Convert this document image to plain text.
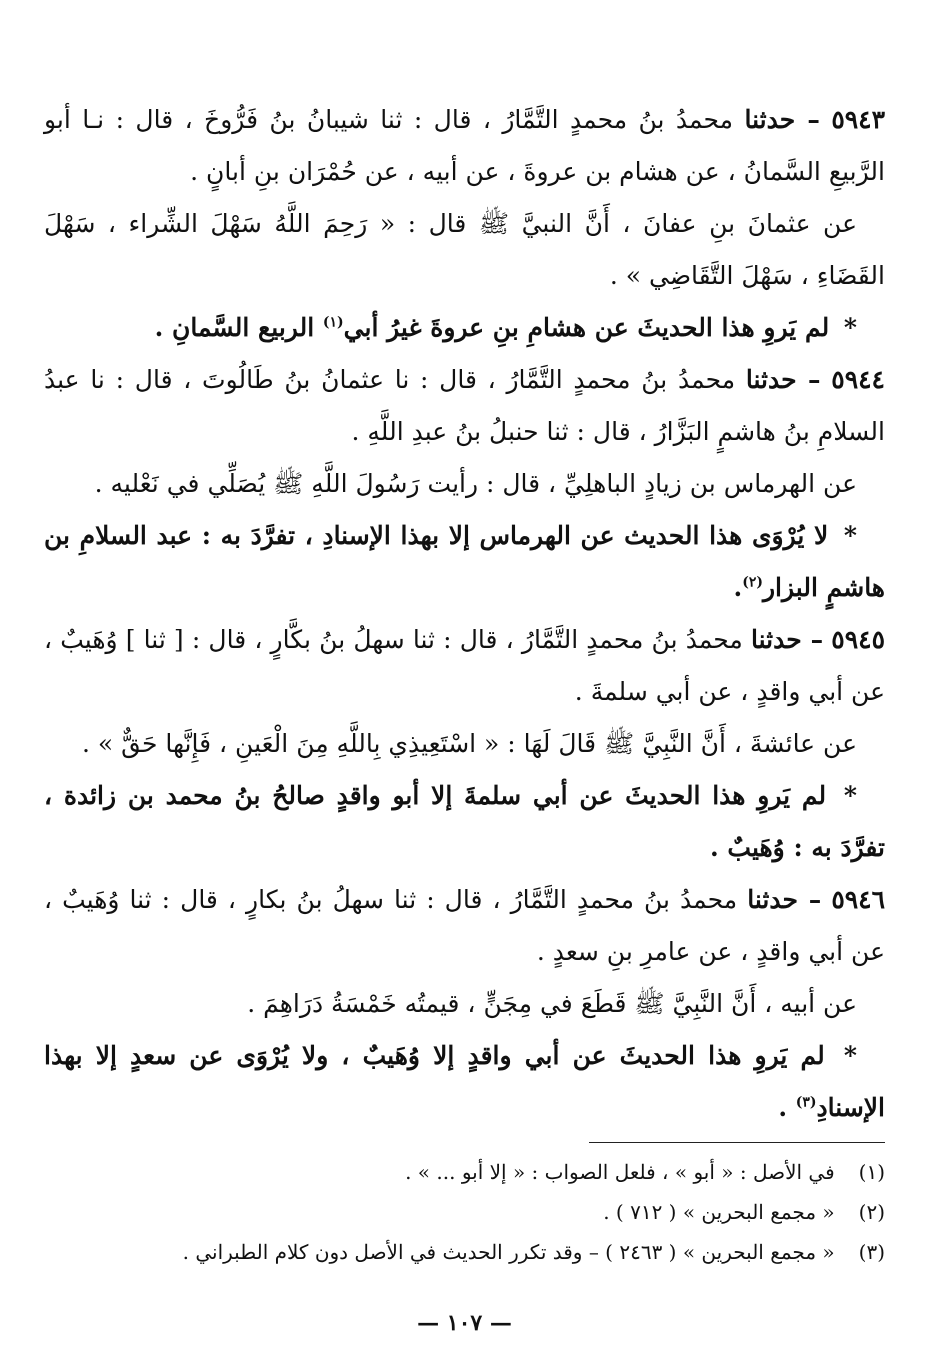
٥٩٤٣ – حدثنا محمدُ بنُ محمدٍ التَّمَّارُ ، قال : ثنا شيبانُ بنُ فَرُّوخَ ، قال : نـا أبو الرَّبيعِ السَّمانُ ، عن هشام بن عروةَ ، عن أبيه ، عن حُمْرَان بنِ أبانٍ .

عن عثمانَ بنِ عفانَ ، أَنَّ النبيَّ ﷺ قال : « رَحِمَ اللَّهُ سَهْلَ الشِّراء ، سَهْلَ القَضَاءِ ، سَهْلَ التَّقَاضِي » .

* لم يَروِ هذا الحديثَ عن هشامِ بنِ عروةَ غيرُ أبي$^{(١)}$ الربيع السَّمانِ .

٥٩٤٤ – حدثنا محمدُ بنُ محمدٍ التَّمَّارُ ، قال : نا عثمانُ بنُ طَالُوتَ ، قال : نا عبدُ السلامِ بنُ هاشمٍ البَزَّارُ ، قال : ثنا حنبلُ بنُ عبدِ اللَّهِ .

عن الهرماس بن زيادٍ الباهلِيِّ ، قال : رأيت رَسُولَ اللَّهِ ﷺ يُصَلِّي في نَعْليه .

* لا يُرْوَى هذا الحديث عن الهرماس إلا بهذا الإسنادِ ، تفرَّدَ به : عبد السلامِ بن هاشمٍ البزار$^{(٢)}$.

٥٩٤٥ – حدثنا محمدُ بنُ محمدٍ التَّمَّارُ ، قال : ثنا سهلُ بنُ بكَّارٍ ، قال : [ ثنا ] وُهَيبٌ ، عن أبي واقدٍ ، عن أبي سلمةَ .

عن عائشةَ ، أَنَّ النَّبِيَّ ﷺ قَالَ لَهَا : « اسْتَعِيذِي بِاللَّهِ مِنَ الْعَينِ ، فَإِنَّها حَقٌّ » .

* لم يَروِ هذا الحديثَ عن أبي سلمةَ إلا أبو واقدٍ صالحُ بنُ محمد بن زائدة ، تفرَّدَ به : وُهَيبٌ .

٥٩٤٦ – حدثنا محمدُ بنُ محمدٍ التَّمَّارُ ، قال : ثنا سهلُ بنُ بكارٍ ، قال : ثنا وُهَيبٌ ، عن أبي واقدٍ ، عن عامرِ بنِ سعدٍ .

عن أبيه ، أَنَّ النَّبِيَّ ﷺ قَطَعَ في مِجَنٍّ ، قيمتُه خَمْسَةُ دَرَاهِمَ .

* لم يَروِ هذا الحديثَ عن أبي واقدٍ إلا وُهَيبٌ ، ولا يُرْوَى عن سعدٍ إلا بهذا الإسنادِ$^{(٣)}$ .

(١) في الأصل : « أبو » ، فلعل الصواب : « إلا أبو ... » .

(٢) « مجمع البحرين » ( ٧١٢ ) .

(٣) « مجمع البحرين » ( ٢٤٦٣ ) – وقد تكرر الحديث في الأصل دون كلام الطبراني .

— ١٠٧ —
